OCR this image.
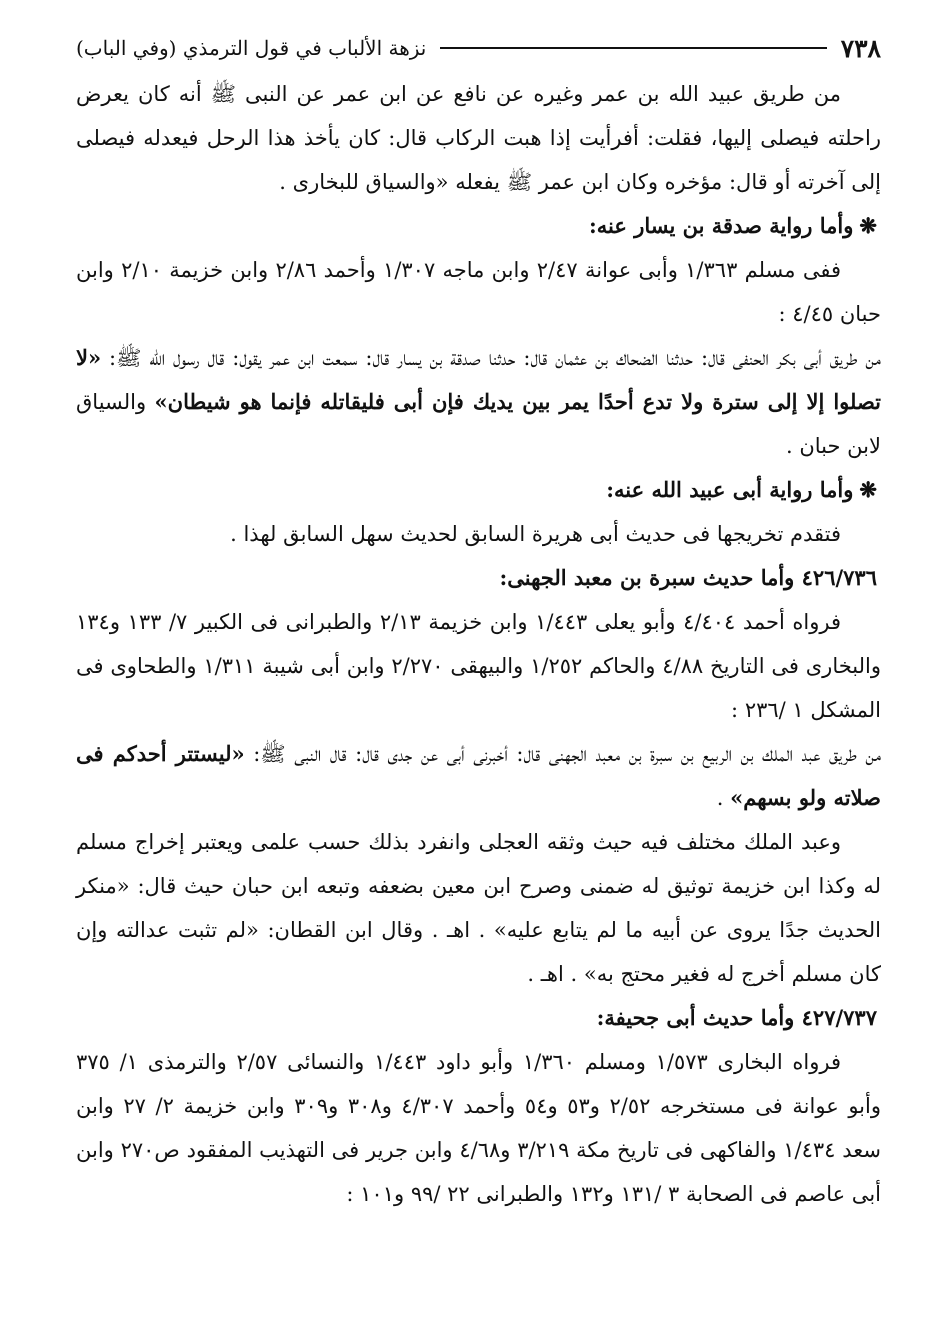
٧٣٨
نزهة الألباب في قول الترمذي (وفي الباب)

من طريق عبيد الله بن عمر وغيره عن نافع عن ابن عمر عن النبى ﷺ أنه كان يعرض راحلته فيصلى إليها، فقلت: أفرأيت إذا هبت الركاب قال: كان يأخذ هذا الرحل فيعدله فيصلى إلى آخرته أو قال: مؤخره وكان ابن عمر ﷺ يفعله «والسياق للبخارى .

❋وأما رواية صدقة بن يسار عنه:

ففى مسلم ١/٣٦٣ وأبى عوانة ٢/٤٧ وابن ماجه ١/٣٠٧ وأحمد ٢/٨٦ وابن خزيمة ٢/١٠ وابن حبان ٤/٤٥ :

من طريق أبى بكر الحنفى قال: حدثنا الضحاك بن عثمان قال: حدثنا صدقة بن يسار قال: سمعت ابن عمر يقول: قال رسول الله ﷺ: «لا تصلوا إلا إلى سترة ولا تدع أحدًا يمر بين يديك فإن أبى فليقاتله فإنما هو شيطان» والسياق لابن حبان .

❋وأما رواية أبى عبيد الله عنه:

فتقدم تخريجها فى حديث أبى هريرة السابق لحديث سهل السابق لهذا .

٤٢٦/٧٣٦ وأما حديث سبرة بن معبد الجهنى:

فرواه أحمد ٤/٤٠٤ وأبو يعلى ١/٤٤٣ وابن خزيمة ٢/١٣ والطبرانى فى الكبير ٧/ ١٣٣ و١٣٤ والبخارى فى التاريخ ٤/٨٨ والحاكم ١/٢٥٢ والبيهقى ٢/٢٧٠ وابن أبى شيبة ١/٣١١ والطحاوى فى المشكل ١ /٢٣٦ :

من طريق عبد الملك بن الربيع بن سبرة بن معبد الجهنى قال: أخبرنى أبى عن جدى قال: قال النبى ﷺ: «ليستتر أحدكم فى صلاته ولو بسهم» .

وعبد الملك مختلف فيه حيث وثقه العجلى وانفرد بذلك حسب علمى ويعتبر إخراج مسلم له وكذا ابن خزيمة توثيق له ضمنى وصرح ابن معين بضعفه وتبعه ابن حبان حيث قال: «منكر الحديث جدًا يروى عن أبيه ما لم يتابع عليه» . اهـ . وقال ابن القطان: «لم تثبت عدالته وإن كان مسلم أخرج له فغير محتج به» . اهـ .

٤٢٧/٧٣٧ وأما حديث أبى جحيفة:

فرواه البخارى ١/٥٧٣ ومسلم ١/٣٦٠ وأبو داود ١/٤٤٣ والنسائى ٢/٥٧ والترمذى ١/ ٣٧٥ وأبو عوانة فى مستخرجه ٢/٥٢ و٥٣ و٥٤ وأحمد ٤/٣٠٧ و٣٠٨ و٣٠٩ وابن خزيمة ٢/ ٢٧ وابن سعد ١/٤٣٤ والفاكهى فى تاريخ مكة ٣/٢١٩ و٤/٦٨ وابن جرير فى التهذيب المفقود ص٢٧٠ وابن أبى عاصم فى الصحابة ٣ /١٣١ و١٣٢ والطبرانى ٢٢ /٩٩ و١٠١ :
